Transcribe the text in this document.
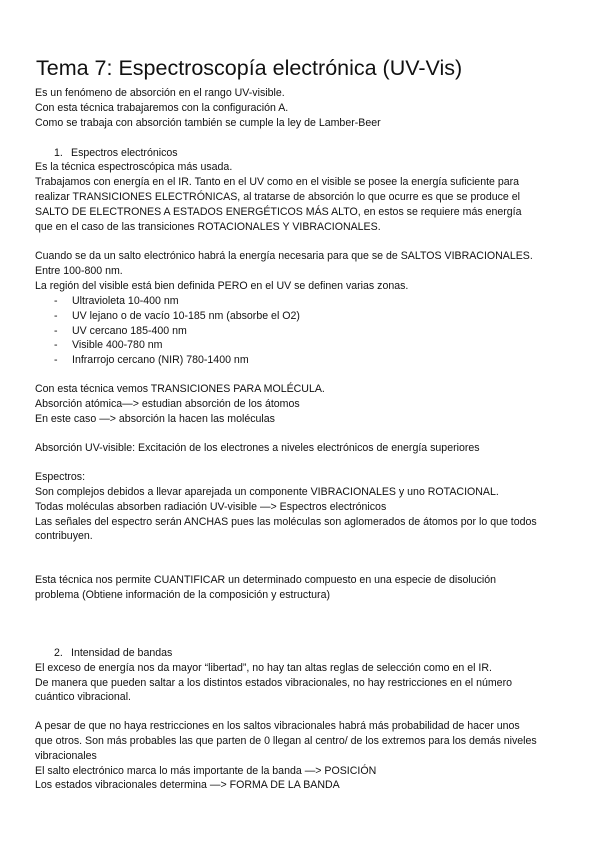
Tema 7: Espectroscopía electrónica (UV-Vis)
Es un fenómeno de absorción en el rango UV-visible.
Con esta técnica trabajaremos con la configuración A.
Como se trabaja con absorción también se cumple la ley de Lamber-Beer
1. Espectros electrónicos
Es la técnica espectroscópica más usada.
Trabajamos con energía en el IR. Tanto en el UV como en el visible se posee la energía suficiente para
realizar TRANSICIONES ELECTRÓNICAS, al tratarse de absorción lo que ocurre es que se produce el
SALTO DE ELECTRONES A ESTADOS ENERGÉTICOS MÁS ALTO, en estos se requiere más energía
que en el caso de las transiciones ROTACIONALES Y VIBRACIONALES.
Cuando se da un salto electrónico habrá la energía necesaria para que se de SALTOS VIBRACIONALES.
Entre 100-800 nm.
La región del visible está bien definida PERO en el UV se definen varias zonas.
- Ultravioleta 10-400 nm
- UV lejano o de vacío 10-185 nm (absorbe el O2)
- UV cercano 185-400 nm
- Visible 400-780 nm
- Infrarrojo cercano (NIR) 780-1400 nm
Con esta técnica vemos TRANSICIONES PARA MOLÉCULA.
Absorción atómica—> estudian absorción de los átomos
En este caso —> absorción la hacen las moléculas
Absorción UV-visible: Excitación de los electrones a niveles electrónicos de energía superiores
Espectros:
Son complejos debidos a llevar aparejada un componente VIBRACIONALES y uno ROTACIONAL.
Todas moléculas absorben radiación UV-visible —> Espectros electrónicos
Las señales del espectro serán ANCHAS pues las moléculas son aglomerados de átomos por lo que todos
contribuyen.
Esta técnica nos permite CUANTIFICAR un determinado compuesto en una especie de disolución
problema (Obtiene información de la composición y estructura)
2. Intensidad de bandas
El exceso de energía nos da mayor “libertad”, no hay tan altas reglas de selección como en el IR.
De manera que pueden saltar a los distintos estados vibracionales, no hay restricciones en el número
cuántico vibracional.
A pesar de que no haya restricciones en los saltos vibracionales habrá más probabilidad de hacer unos
que otros. Son más probables las que parten de 0 llegan al centro/ de los extremos para los demás niveles
vibracionales
El salto electrónico marca lo más importante de la banda —> POSICIÓN
Los estados vibracionales determina —> FORMA DE LA BANDA
